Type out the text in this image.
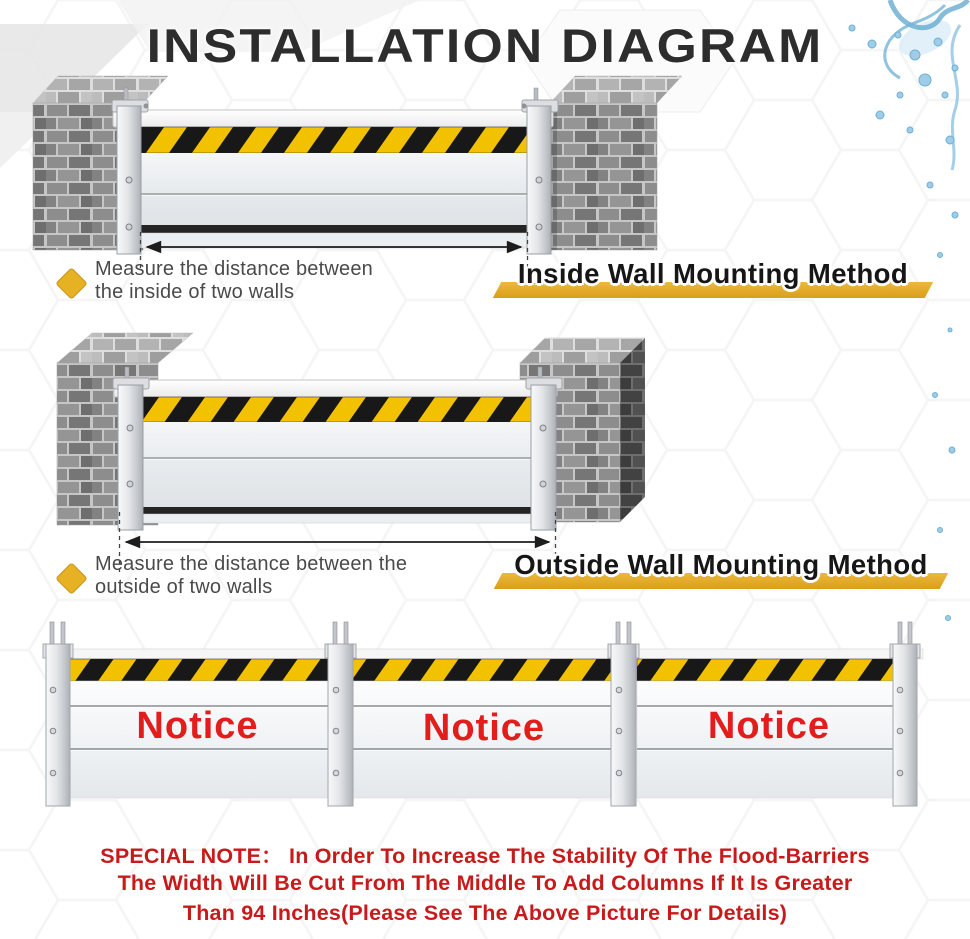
INSTALLATION DIAGRAM
Measure the distance between
the inside of two walls
Inside Wall Mounting Method
Measure the distance between the
outside of two walls
Outside Wall Mounting Method
Notice	Notice	Notice
SPECIAL NOTE： In Order To Increase The Stability Of The Flood-Barriers
The Width Will Be Cut From The Middle To Add Columns If It Is Greater
Than 94 Inches(Please See The Above Picture For Details)
